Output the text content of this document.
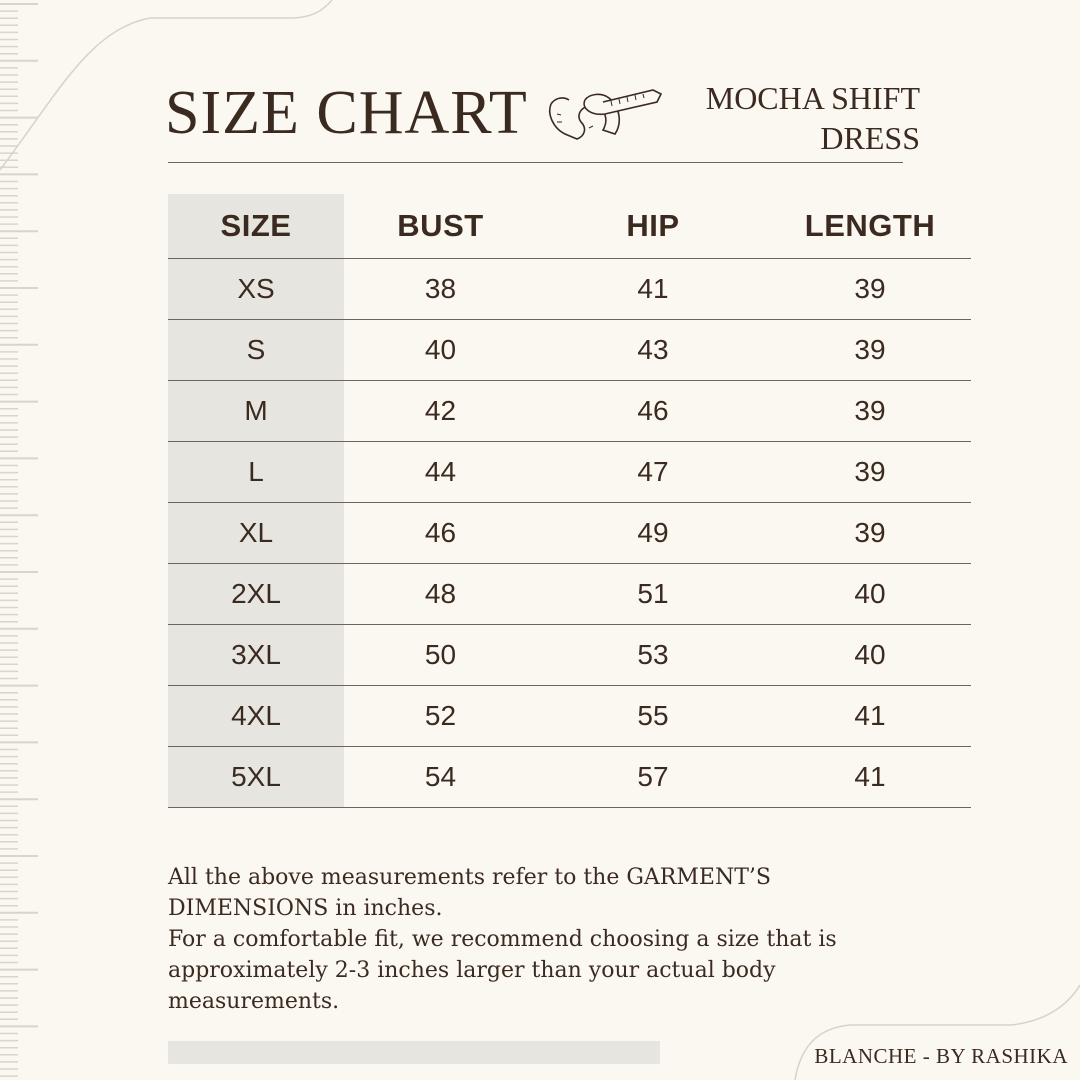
SIZE CHART	MOCHA SHIFT
DRESS
SIZE	BUST	HIP	LENGTH
XS	38	41	39
S	40	43	39
M	42	46	39
L	44	47	39
XL	46	49	39
2XL	48	51	40
3XL	50	53	40
4XL	52	55	41
5XL	54	57	41

All the above measurements refer to the GARMENT’S DIMENSIONS in inches.

For a comfortable fit, we recommend choosing a size that is approximately 2-3 inches larger than your actual body measurements.

BLANCHE - BY RASHIKA
